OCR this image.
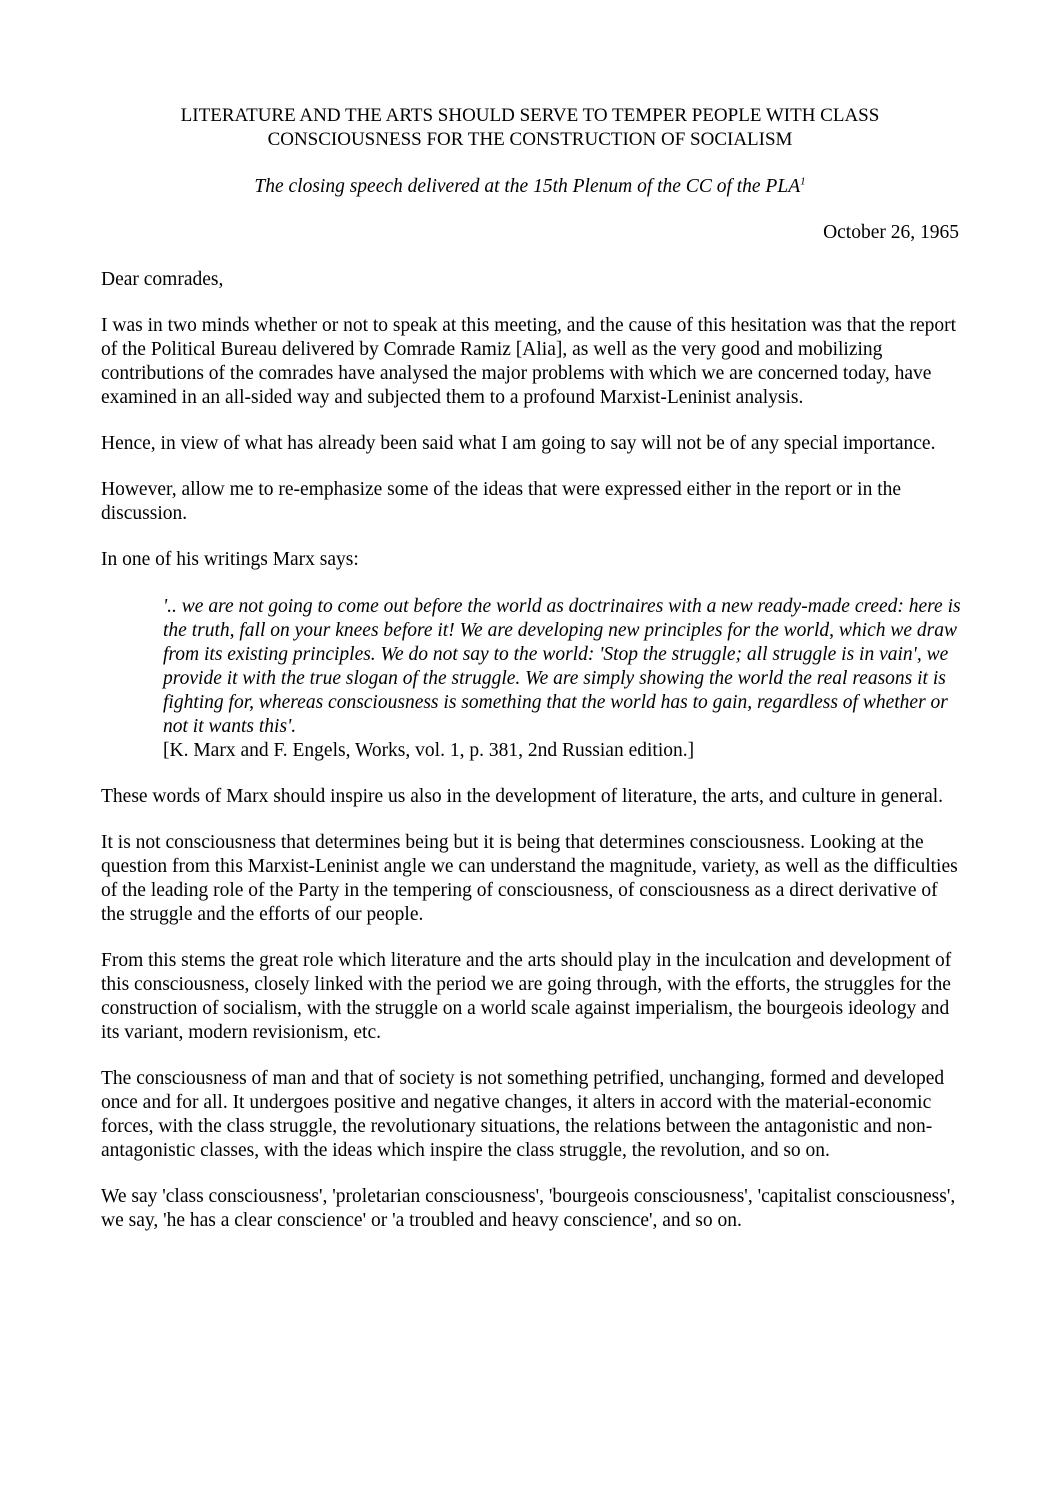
LITERATURE AND THE ARTS SHOULD SERVE TO TEMPER PEOPLE WITH CLASS
CONSCIOUSNESS FOR THE CONSTRUCTION OF SOCIALISM
The closing speech delivered at the 15th Plenum of the CC of the PLA$^1$
October 26, 1965

Dear comrades,

I was in two minds whether or not to speak at this meeting, and the cause of this hesitation was that the report of the Political Bureau delivered by Comrade Ramiz [Alia], as well as the very good and mobilizing contributions of the comrades have analysed the major problems with which we are concerned today, have examined in an all-sided way and subjected them to a profound Marxist-Leninist analysis.

Hence, in view of what has already been said what I am going to say will not be of any special importance.

However, allow me to re-emphasize some of the ideas that were expressed either in the report or in the discussion.

In one of his writings Marx says:

'.. we are not going to come out before the world as doctrinaires with a new ready-made creed: here is the truth, fall on your knees before it! We are developing new principles for the world, which we draw from its existing principles. We do not say to the world: 'Stop the struggle; all struggle is in vain', we provide it with the true slogan of the struggle. We are simply showing the world the real reasons it is fighting for, whereas consciousness is something that the world has to gain, regardless of whether or not it wants this'.
[K. Marx and F. Engels, Works, vol. 1, p. 381, 2nd Russian edition.]

These words of Marx should inspire us also in the development of literature, the arts, and culture in general.

It is not consciousness that determines being but it is being that determines consciousness. Looking at the question from this Marxist-Leninist angle we can understand the magnitude, variety, as well as the difficulties of the leading role of the Party in the tempering of consciousness, of consciousness as a direct derivative of the struggle and the efforts of our people.

From this stems the great role which literature and the arts should play in the inculcation and development of this consciousness, closely linked with the period we are going through, with the efforts, the struggles for the construction of socialism, with the struggle on a world scale against imperialism, the bourgeois ideology and its variant, modern revisionism, etc.

The consciousness of man and that of society is not something petrified, unchanging, formed and developed once and for all. It undergoes positive and negative changes, it alters in accord with the material-economic forces, with the class struggle, the revolutionary situations, the relations between the antagonistic and non-antagonistic classes, with the ideas which inspire the class struggle, the revolution, and so on.

We say 'class consciousness', 'proletarian consciousness', 'bourgeois consciousness', 'capitalist consciousness', we say, 'he has a clear conscience' or 'a troubled and heavy conscience', and so on.
